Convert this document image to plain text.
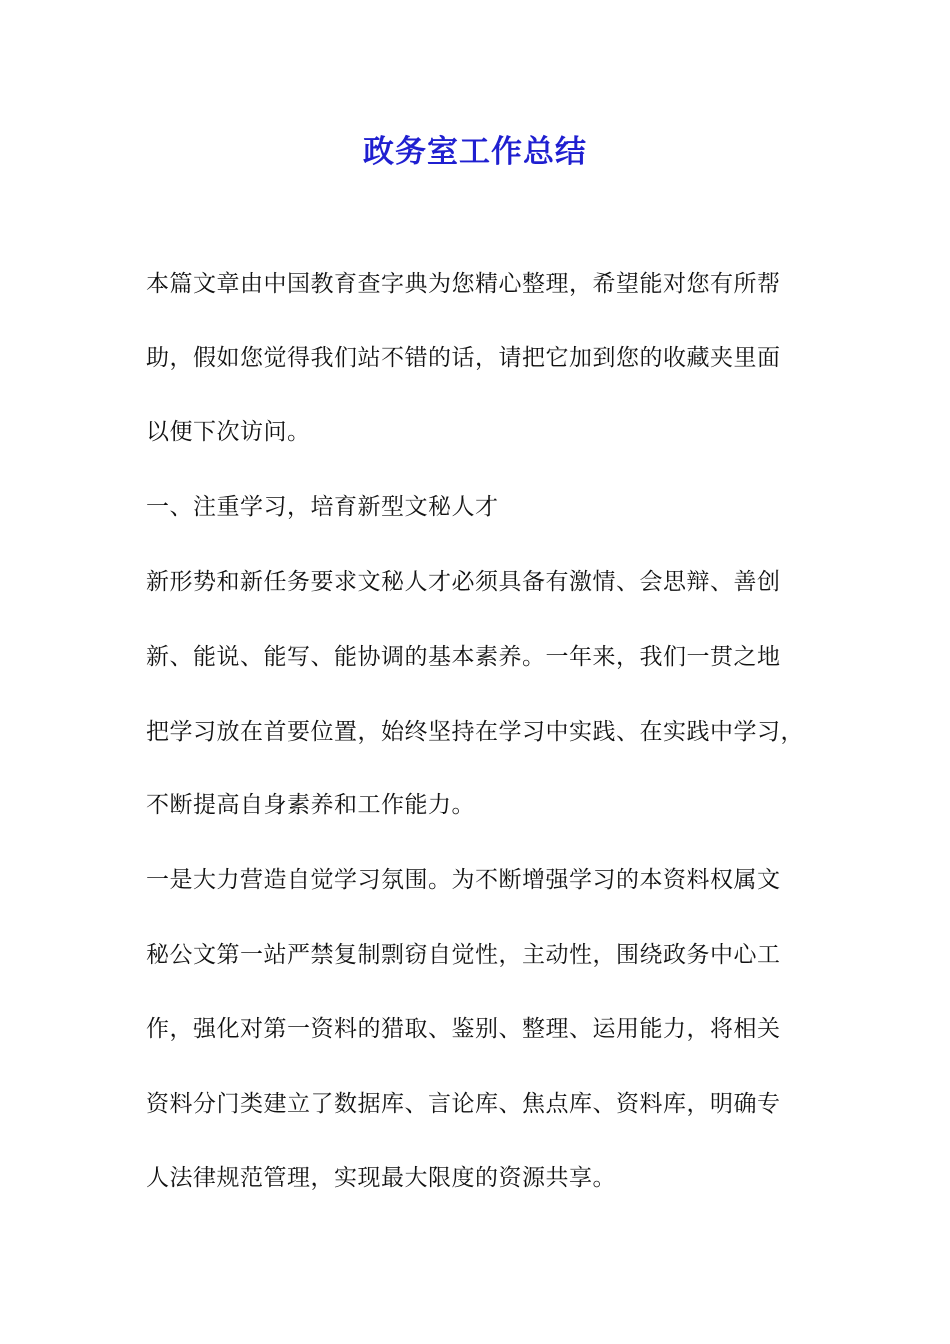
政务室工作总结
本篇文章由中国教育查字典为您精心整理，希望能对您有所帮
助，假如您觉得我们站不错的话，请把它加到您的收藏夹里面
以便下次访问。
一、注重学习，培育新型文秘人才
新形势和新任务要求文秘人才必须具备有激情、会思辩、善创
新、能说、能写、能协调的基本素养。一年来，我们一贯之地
把学习放在首要位置，始终坚持在学习中实践、在实践中学习，
不断提高自身素养和工作能力。
一是大力营造自觉学习氛围。为不断增强学习的本资料权属文
秘公文第一站严禁复制剽窃自觉性，主动性，围绕政务中心工
作，强化对第一资料的猎取、鉴别、整理、运用能力，将相关
资料分门类建立了数据库、言论库、焦点库、资料库，明确专
人法律规范管理，实现最大限度的资源共享。
